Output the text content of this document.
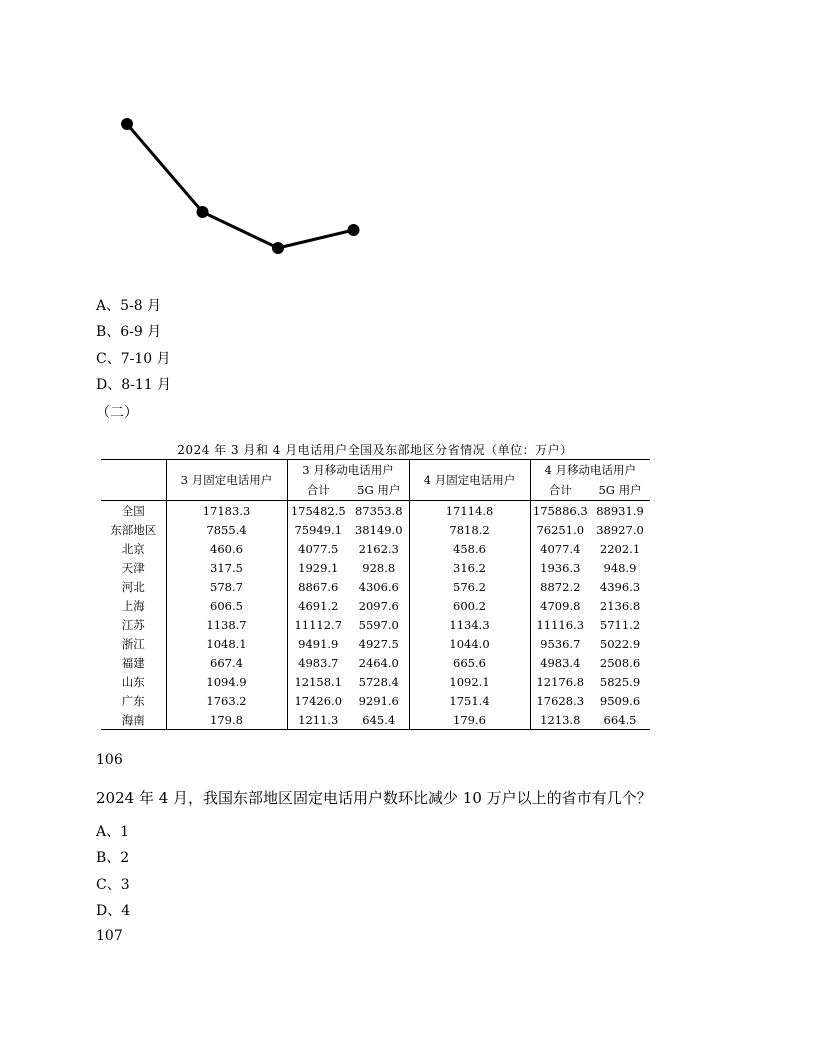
A、5-8 月
B、6-9 月
C、7-10 月
D、8-11 月
（二）
2024 年 3 月和 4 月电话用户全国及东部地区分省情况（单位：万户）
	3 月固定电话用户	3 月移动电话用户		4 月固定电话用户	4 月移动电话用户	
		合计	5G 用户		合计	5G 用户

全国	17183.3	175482.5	87353.8	17114.8	175886.3	88931.9
东部地区	7855.4	75949.1	38149.0	7818.2	76251.0	38927.0
北京	460.6	4077.5	2162.3	458.6	4077.4	2202.1
天津	317.5	1929.1	928.8	316.2	1936.3	948.9
河北	578.7	8867.6	4306.6	576.2	8872.2	4396.3
上海	606.5	4691.2	2097.6	600.2	4709.8	2136.8
江苏	1138.7	11112.7	5597.0	1134.3	11116.3	5711.2
浙江	1048.1	9491.9	4927.5	1044.0	9536.7	5022.9
福建	667.4	4983.7	2464.0	665.6	4983.4	2508.6
山东	1094.9	12158.1	5728.4	1092.1	12176.8	5825.9
广东	1763.2	17426.0	9291.6	1751.4	17628.3	9509.6
海南	179.8	1211.3	645.4	179.6	1213.8	664.5
106
2024 年 4 月，我国东部地区固定电话用户数环比减少 10 万户以上的省市有几个？
A、1
B、2
C、3
D、4
107
